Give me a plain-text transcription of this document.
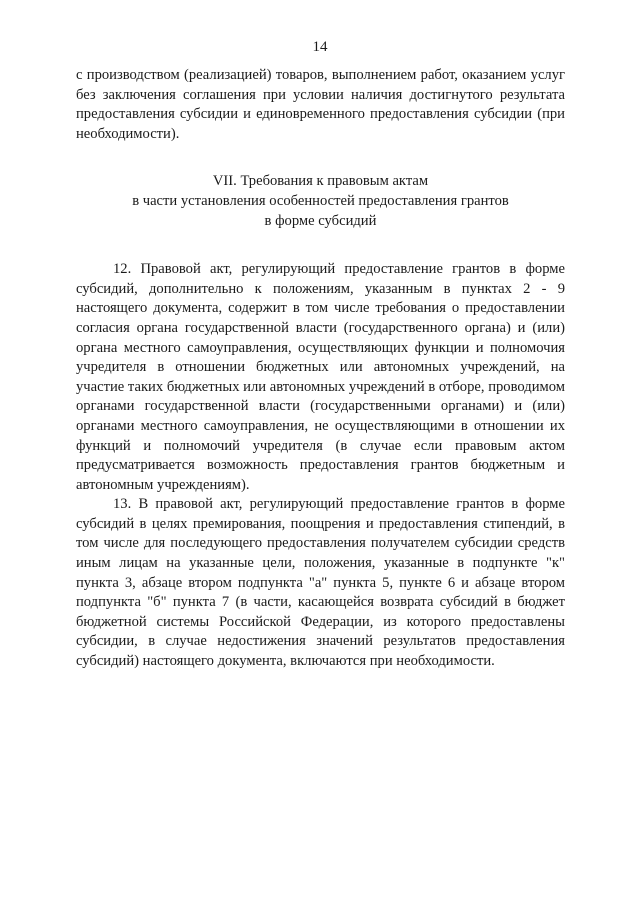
14

с производством (реализацией) товаров, выполнением работ, оказанием услуг без заключения соглашения при условии наличия достигнутого результата предоставления субсидии и единовременного предоставления субсидии (при необходимости).

VII. Требования к правовым актам
в части установления особенностей предоставления грантов
в форме субсидий

12. Правовой акт, регулирующий предоставление грантов в форме субсидий, дополнительно к положениям, указанным в пунктах 2 - 9 настоящего документа, содержит в том числе требования о предоставлении согласия органа государственной власти (государственного органа) и (или) органа местного самоуправления, осуществляющих функции и полномочия учредителя в отношении бюджетных или автономных учреждений, на участие таких бюджетных или автономных учреждений в отборе, проводимом органами государственной власти (государственными органами) и (или) органами местного самоуправления, не осуществляющими в отношении их функций и полномочий учредителя (в случае если правовым актом предусматривается возможность предоставления грантов бюджетным и автономным учреждениям).

13. В правовой акт, регулирующий предоставление грантов в форме субсидий в целях премирования, поощрения и предоставления стипендий, в том числе для последующего предоставления получателем субсидии средств иным лицам на указанные цели, положения, указанные в подпункте "к" пункта 3, абзаце втором подпункта "а" пункта 5, пункте 6 и абзаце втором подпункта "б" пункта 7 (в части, касающейся возврата субсидий в бюджет бюджетной системы Российской Федерации, из которого предоставлены субсидии, в случае недостижения значений результатов предоставления субсидий) настоящего документа, включаются при необходимости.
